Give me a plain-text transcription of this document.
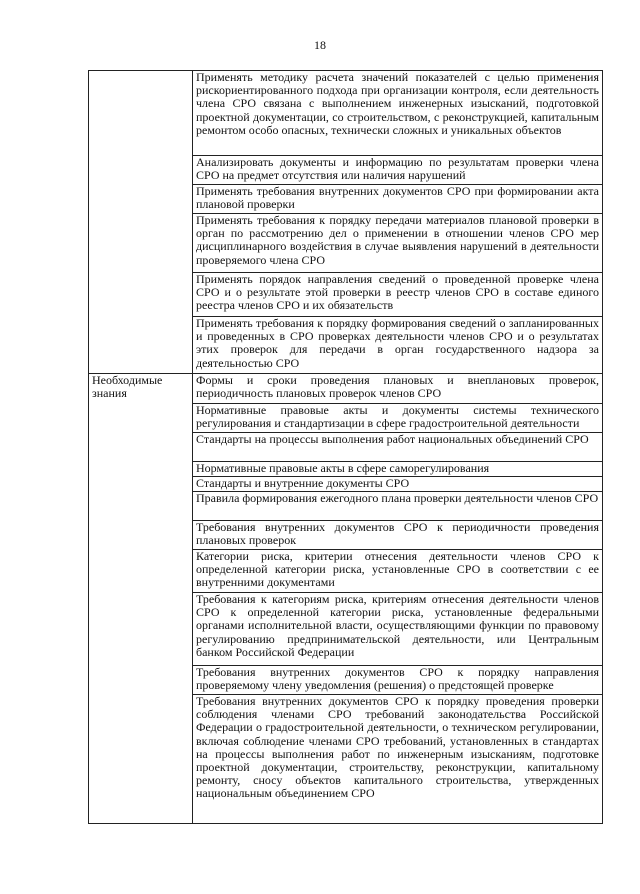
18
	Применять методику расчета значений показателей с целью применения рискориентированного подхода при организации контроля, если деятельность члена СРО связана с выполнением инженерных изысканий, подготовкой проектной документации, со строительством, с реконструкцией, капитальным ремонтом особо опасных, технически сложных и уникальных объектов
	Анализировать документы и информацию по результатам проверки члена СРО на предмет отсутствия или наличия нарушений
	Применять требования внутренних документов СРО при формировании акта плановой проверки
	Применять требования к порядку передачи материалов плановой проверки в орган по рассмотрению дел о применении в отношении членов СРО мер дисциплинарного воздействия в случае выявления нарушений в деятельности проверяемого члена СРО
	Применять порядок направления сведений о проведенной проверке члена СРО и о результате этой проверки в реестр членов СРО в составе единого реестра членов СРО и их обязательств
	Применять требования к порядку формирования сведений о запланированных и проведенных в СРО проверках деятельности членов СРО и о результатах этих проверок для передачи в орган государственного надзора за деятельностью СРО
Необходимые знания	Формы и сроки проведения плановых и внеплановых проверок, периодичность плановых проверок членов СРО
	Нормативные правовые акты и документы системы технического регулирования и стандартизации в сфере градостроительной деятельности
	Стандарты на процессы выполнения работ национальных объединений СРО
	Нормативные правовые акты в сфере саморегулирования
	Стандарты и внутренние документы СРО
	Правила формирования ежегодного плана проверки деятельности членов СРО
	Требования внутренних документов СРО к периодичности проведения плановых проверок
	Категории риска, критерии отнесения деятельности членов СРО к определенной категории риска, установленные СРО в соответствии с ее внутренними документами
	Требования к категориям риска, критериям отнесения деятельности членов СРО к определенной категории риска, установленные федеральными органами исполнительной власти, осуществляющими функции по правовому регулированию предпринимательской деятельности, или Центральным банком Российской Федерации
	Требования внутренних документов СРО к порядку направления проверяемому члену уведомления (решения) о предстоящей проверке
	Требования внутренних документов СРО к порядку проведения проверки соблюдения членами СРО требований законодательства Российской Федерации о градостроительной деятельности, о техническом регулировании, включая соблюдение членами СРО требований, установленных в стандартах на процессы выполнения работ по инженерным изысканиям, подготовке проектной документации, строительству, реконструкции, капитальному ремонту, сносу объектов капитального строительства, утвержденных национальным объединением СРО
